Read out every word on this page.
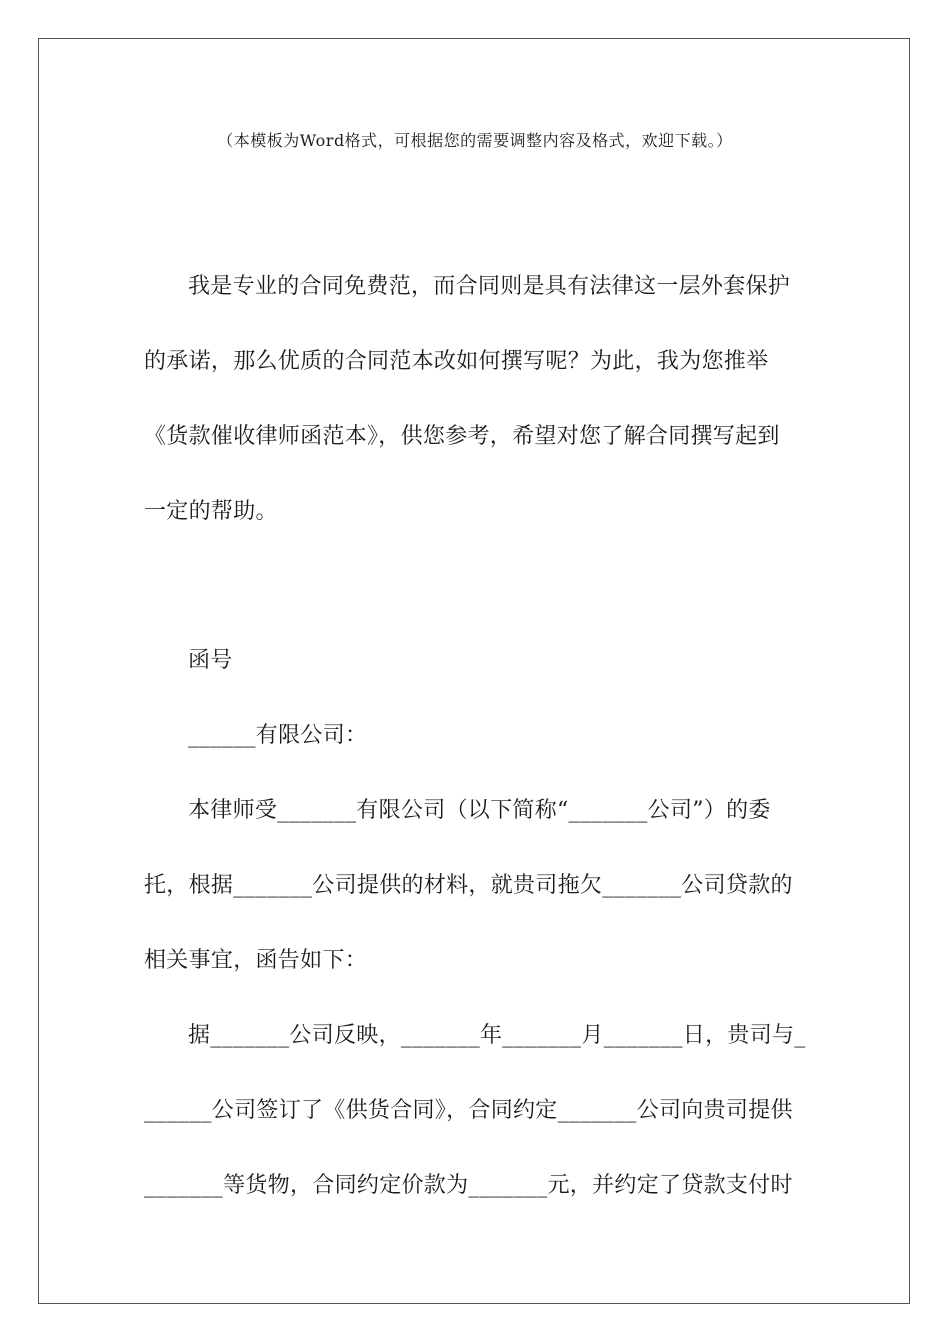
（本模板为Word格式，可根据您的需要调整内容及格式，欢迎下载。）
我是专业的合同免费范，而合同则是具有法律这一层外套保护
的承诺，那么优质的合同范本改如何撰写呢？为此，我为您推举
《货款催收律师函范本》，供您参考，希望对您了解合同撰写起到
一定的帮助。
函号
______有限公司：
本律师受_______有限公司（以下简称“_______公司”）的委
托，根据_______公司提供的材料，就贵司拖欠_______公司贷款的
相关事宜，函告如下：
据_______公司反映，_______年_______月_______日，贵司与_
______公司签订了《供货合同》，合同约定_______公司向贵司提供
_______等货物，合同约定价款为_______元，并约定了贷款支付时
